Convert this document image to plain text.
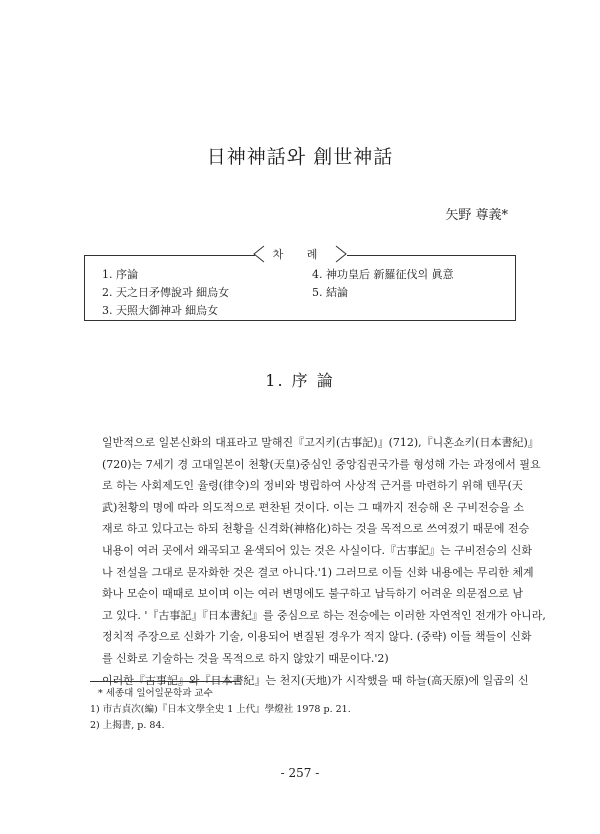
日神神話와 創世神話
矢野 尊義*
차 례
1. 序論
2. 天之日矛傳說과 細烏女
3. 天照大御神과 細烏女
4. 神功皇后 新羅征伐의 眞意
5. 結論
1. 序 論

일반적으로 일본신화의 대표라고 말해진『고지키(古事記)』(712),『니혼쇼키(日本書紀)』
(720)는 7세기 경 고대일본이 천황(天皇)중심인 중앙집권국가를 형성해 가는 과정에서 필요
로 하는 사회제도인 율령(律令)의 정비와 병립하여 사상적 근거를 마련하기 위해 텐무(天
武)천황의 명에 따라 의도적으로 편찬된 것이다. 이는 그 때까지 전승해 온 구비전승을 소
재로 하고 있다고는 하되 천황을 신격화(神格化)하는 것을 목적으로 쓰여졌기 때문에 전승
내용이 여러 곳에서 왜곡되고 윤색되어 있는 것은 사실이다.『古事記』는 구비전승의 신화
나 전설을 그대로 문자화한 것은 결코 아니다.'1) 그러므로 이들 신화 내용에는 무리한 체계
화나 모순이 때때로 보이며 이는 여러 변명에도 불구하고 납득하기 어려운 의문점으로 남
고 있다. '『古事記』『日本書紀』를 중심으로 하는 전승에는 이러한 자연적인 전개가 아니라,
정치적 주장으로 신화가 기술, 이용되어 변질된 경우가 적지 않다. (중략) 이들 책들이 신화
를 신화로 기술하는 것을 목적으로 하지 않았기 때문이다.'2)

이러한『古事記』와『日本書紀』는 천지(天地)가 시작했을 때 하늘(高天原)에 일곱의 신

* 세종대 일어일문학과 교수
1) 市古貞次(編)『日本文學全史 1 上代』學燈社 1978 p. 21.
2) 上揭書, p. 84.
- 257 -
